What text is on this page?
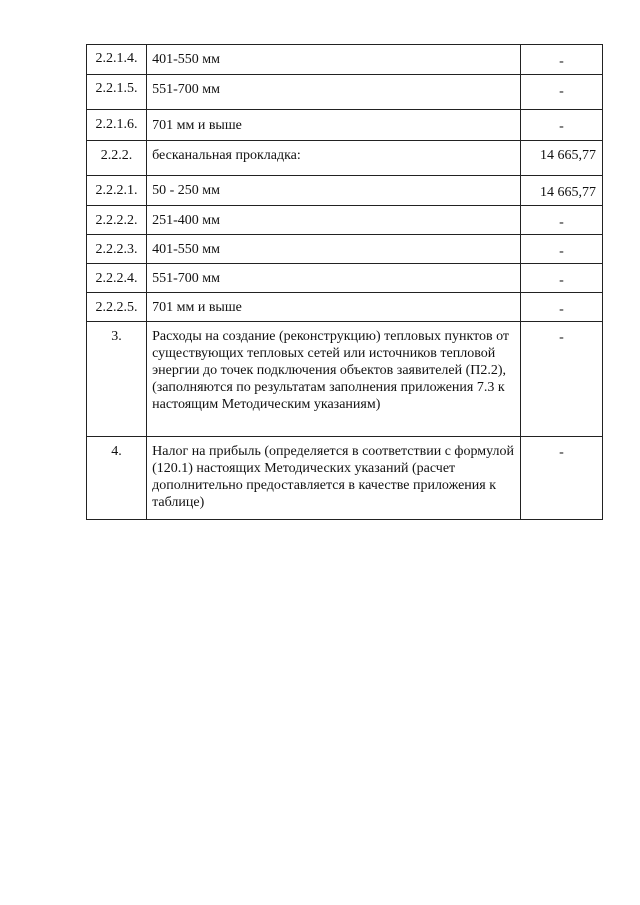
2.2.1.4.	401-550 мм	-
2.2.1.5.	551-700 мм	-
2.2.1.6.	701 мм и выше	-
2.2.2.	бесканальная прокладка:	14 665,77
2.2.2.1.	50 - 250 мм	14 665,77
2.2.2.2.	251-400 мм	-
2.2.2.3.	401-550 мм	-
2.2.2.4.	551-700 мм	-
2.2.2.5.	701 мм и выше	-
3.	Расходы на создание (реконструкцию) тепловых пунктов от существующих тепловых сетей или источников тепловой энергии до точек подключения объектов заявителей (П2.2), (заполняются по результатам заполнения приложения 7.3 к настоящим Методическим указаниям)	-
4.	Налог на прибыль (определяется в соответствии с формулой (120.1) настоящих Методических указаний (расчет дополнительно предоставляется в качестве приложения к таблице)	-
